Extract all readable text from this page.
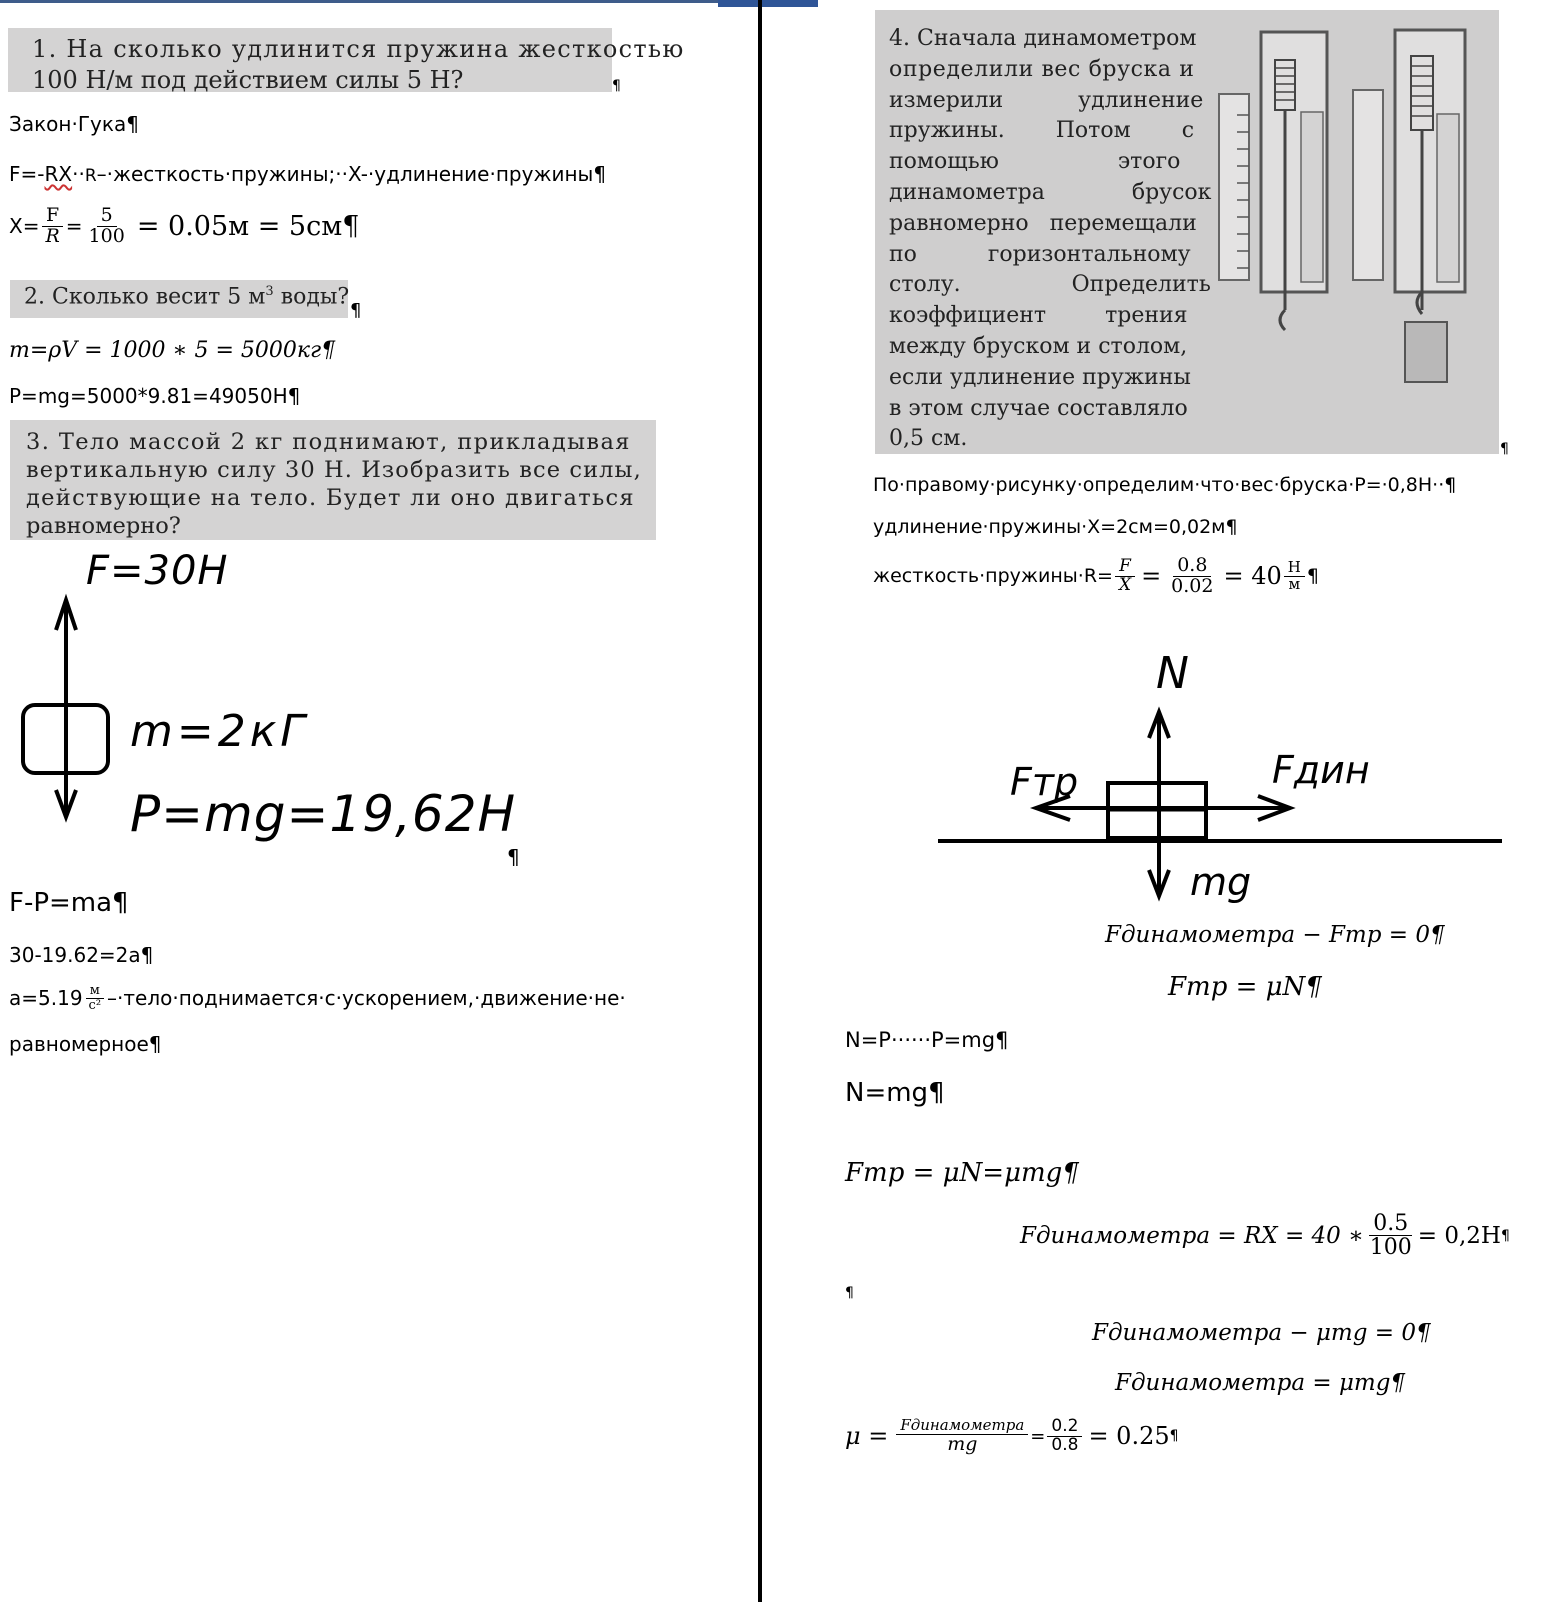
1. На сколько удлинится пружина жесткостью
100 Н/м под действием силы 5 Н?	¶
Закон·Гука¶
F=-RX··R–·жесткость·пружины;··X-·удлинение·пружины¶
$X= \frac{F}{R} = \frac{5}{100} = 0.05м$ = 5см¶
2. Сколько весит 5 $м^3$ воды?
¶
m=ρV = 1000 ∗ 5 = 5000кг¶
P=mg=5000*9.81=49050Н¶
3. Тело массой 2 кг поднимают, прикладывая
вертикальную силу 30 Н. Изобразить все силы,
действующие на тело. Будет ли оно двигаться
равномерно?
F=30H
m=2кГ
P=mg=19,62H
¶
F-P=ma¶
30-19.62=2a¶
$a=5.19 \frac{м}{\text{с²}}$ –·тело·поднимается·с·ускорением,·движение·не·
равномерное¶
4. Сначала динамометром
определили вес бруска и
измерили удлинение
пружины. Потом с
помощью этого
динамометра брусок
равномерно перемещали
по горизонтальному
столу. Определить
коэффициент трения
между бруском и столом,
если удлинение пружины
в этом случае составляло
0,5 см.	¶
По·правому·рисунку·определим·что·вес·бруска·P=·0,8Н··¶
удлинение·пружины·X=2см=0,02м¶
жесткость·пружины·R= $\frac{F}{X} = \frac{0.8}{0.02} = 40 \frac{Н}{м}$ ¶
N
Fтр	Fдин
mg
Fдинамометра − Fтр = 0¶
Fтр = μN¶
N=P······P=mg¶
N=mg¶
Fтр = μN=μmg¶
Fдинамометра = RX = 40 ∗ $\frac{0.5}{100} = 0,2Н$ ¶
¶
Fдинамометра − μmg = 0¶
Fдинамометра = μmg¶
$\mu = \frac{\text{Fдинамометра}}{mg} = \frac{0.2}{0.8} = 0.25$ ¶
